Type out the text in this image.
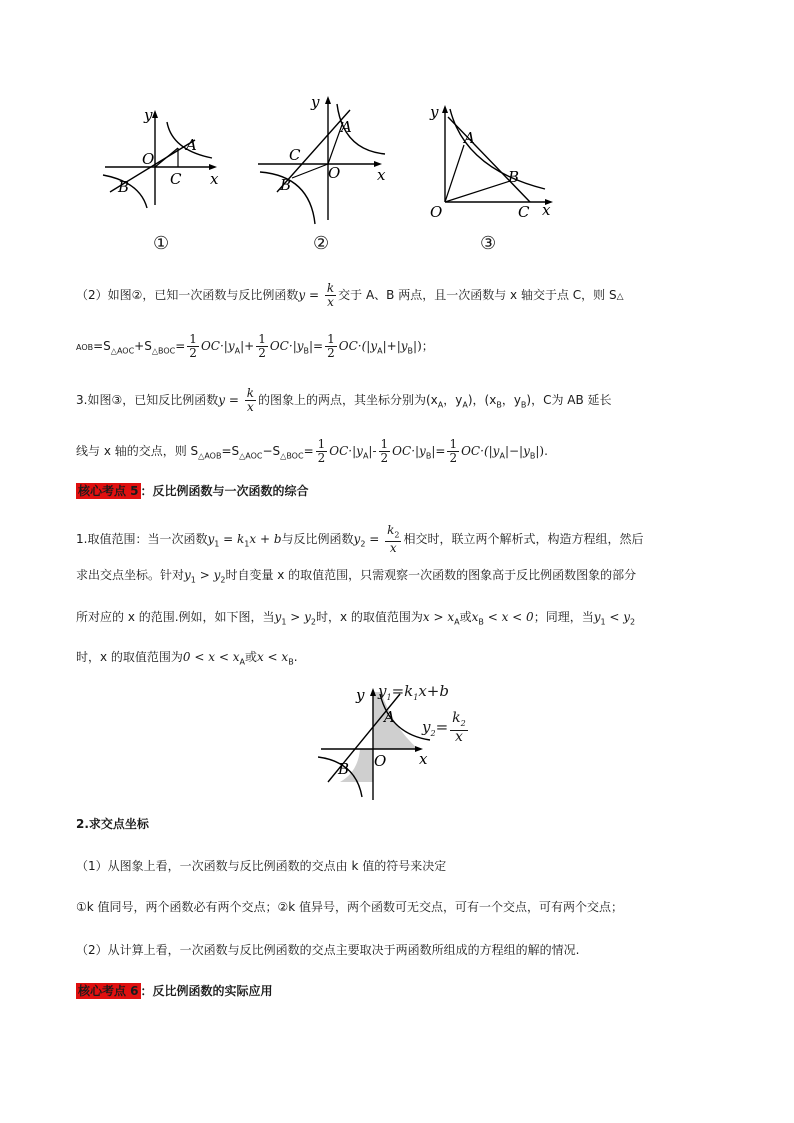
y
x
O
A
B	C
①
y
x
O
A
B
C
②
y
x
O
A
B
C
③
（2）如图②，已知一次函数与反比例函数$y = \frac{k}{x}$ 交于 A、B 两点，且一次函数与 x 轴交于点 C，则 S△
$AOB=S_{\triangle AOC}+S_{\triangle BOC}= \frac{1}{2} OC\cdot|y_A|+ \frac{1}{2} OC\cdot|y_B|= \frac{1}{2} OC\cdot(|y_A|+|y_B|)$；
3.如图③，已知反比例函数$y = \frac{k}{x}$ 的图象上的两点，其坐标分别为($x_A$，$y_A$)，($x_B$，$y_B$)，C为 AB 延长
线与 x 轴的交点，则 $S_{\triangle AOB}=S_{\triangle AOC}-S_{\triangle BOC}= \frac{1}{2} OC\cdot|y_A|- \frac{1}{2} OC\cdot|y_B|= \frac{1}{2} OC\cdot(|y_A|-|y_B|)$.
核心考点 5 ：反比例函数与一次函数的综合
1.取值范围：当一次函数$y_1 = k_1x + b$与反比例函数$y_2 = \frac{k_2}{x}$ 相交时，联立两个解析式，构造方程组，然后
求出交点坐标。针对$y_1 > y_2$时自变量 x 的取值范围，只需观察一次函数的图象高于反比例函数图象的部分
所对应的 x 的范围.例如，如下图，当$y_1 > y_2$时，x 的取值范围为$x > x_A$或$x_B < x < 0$；同理，当$y_1 < y_2$
时，x 的取值范围为$0 < x < x_A$或$x < x_B$.
y
x
O
A
B
$y_1=k_1x+b$
$y_2= \frac{k_2}{x}$
2.求交点坐标
（1）从图象上看，一次函数与反比例函数的交点由 k 值的符号来决定
①k 值同号，两个函数必有两个交点；②k 值异号，两个函数可无交点，可有一个交点，可有两个交点；
（2）从计算上看，一次函数与反比例函数的交点主要取决于两函数所组成的方程组的解的情况.
核心考点 6 ：反比例函数的实际应用
